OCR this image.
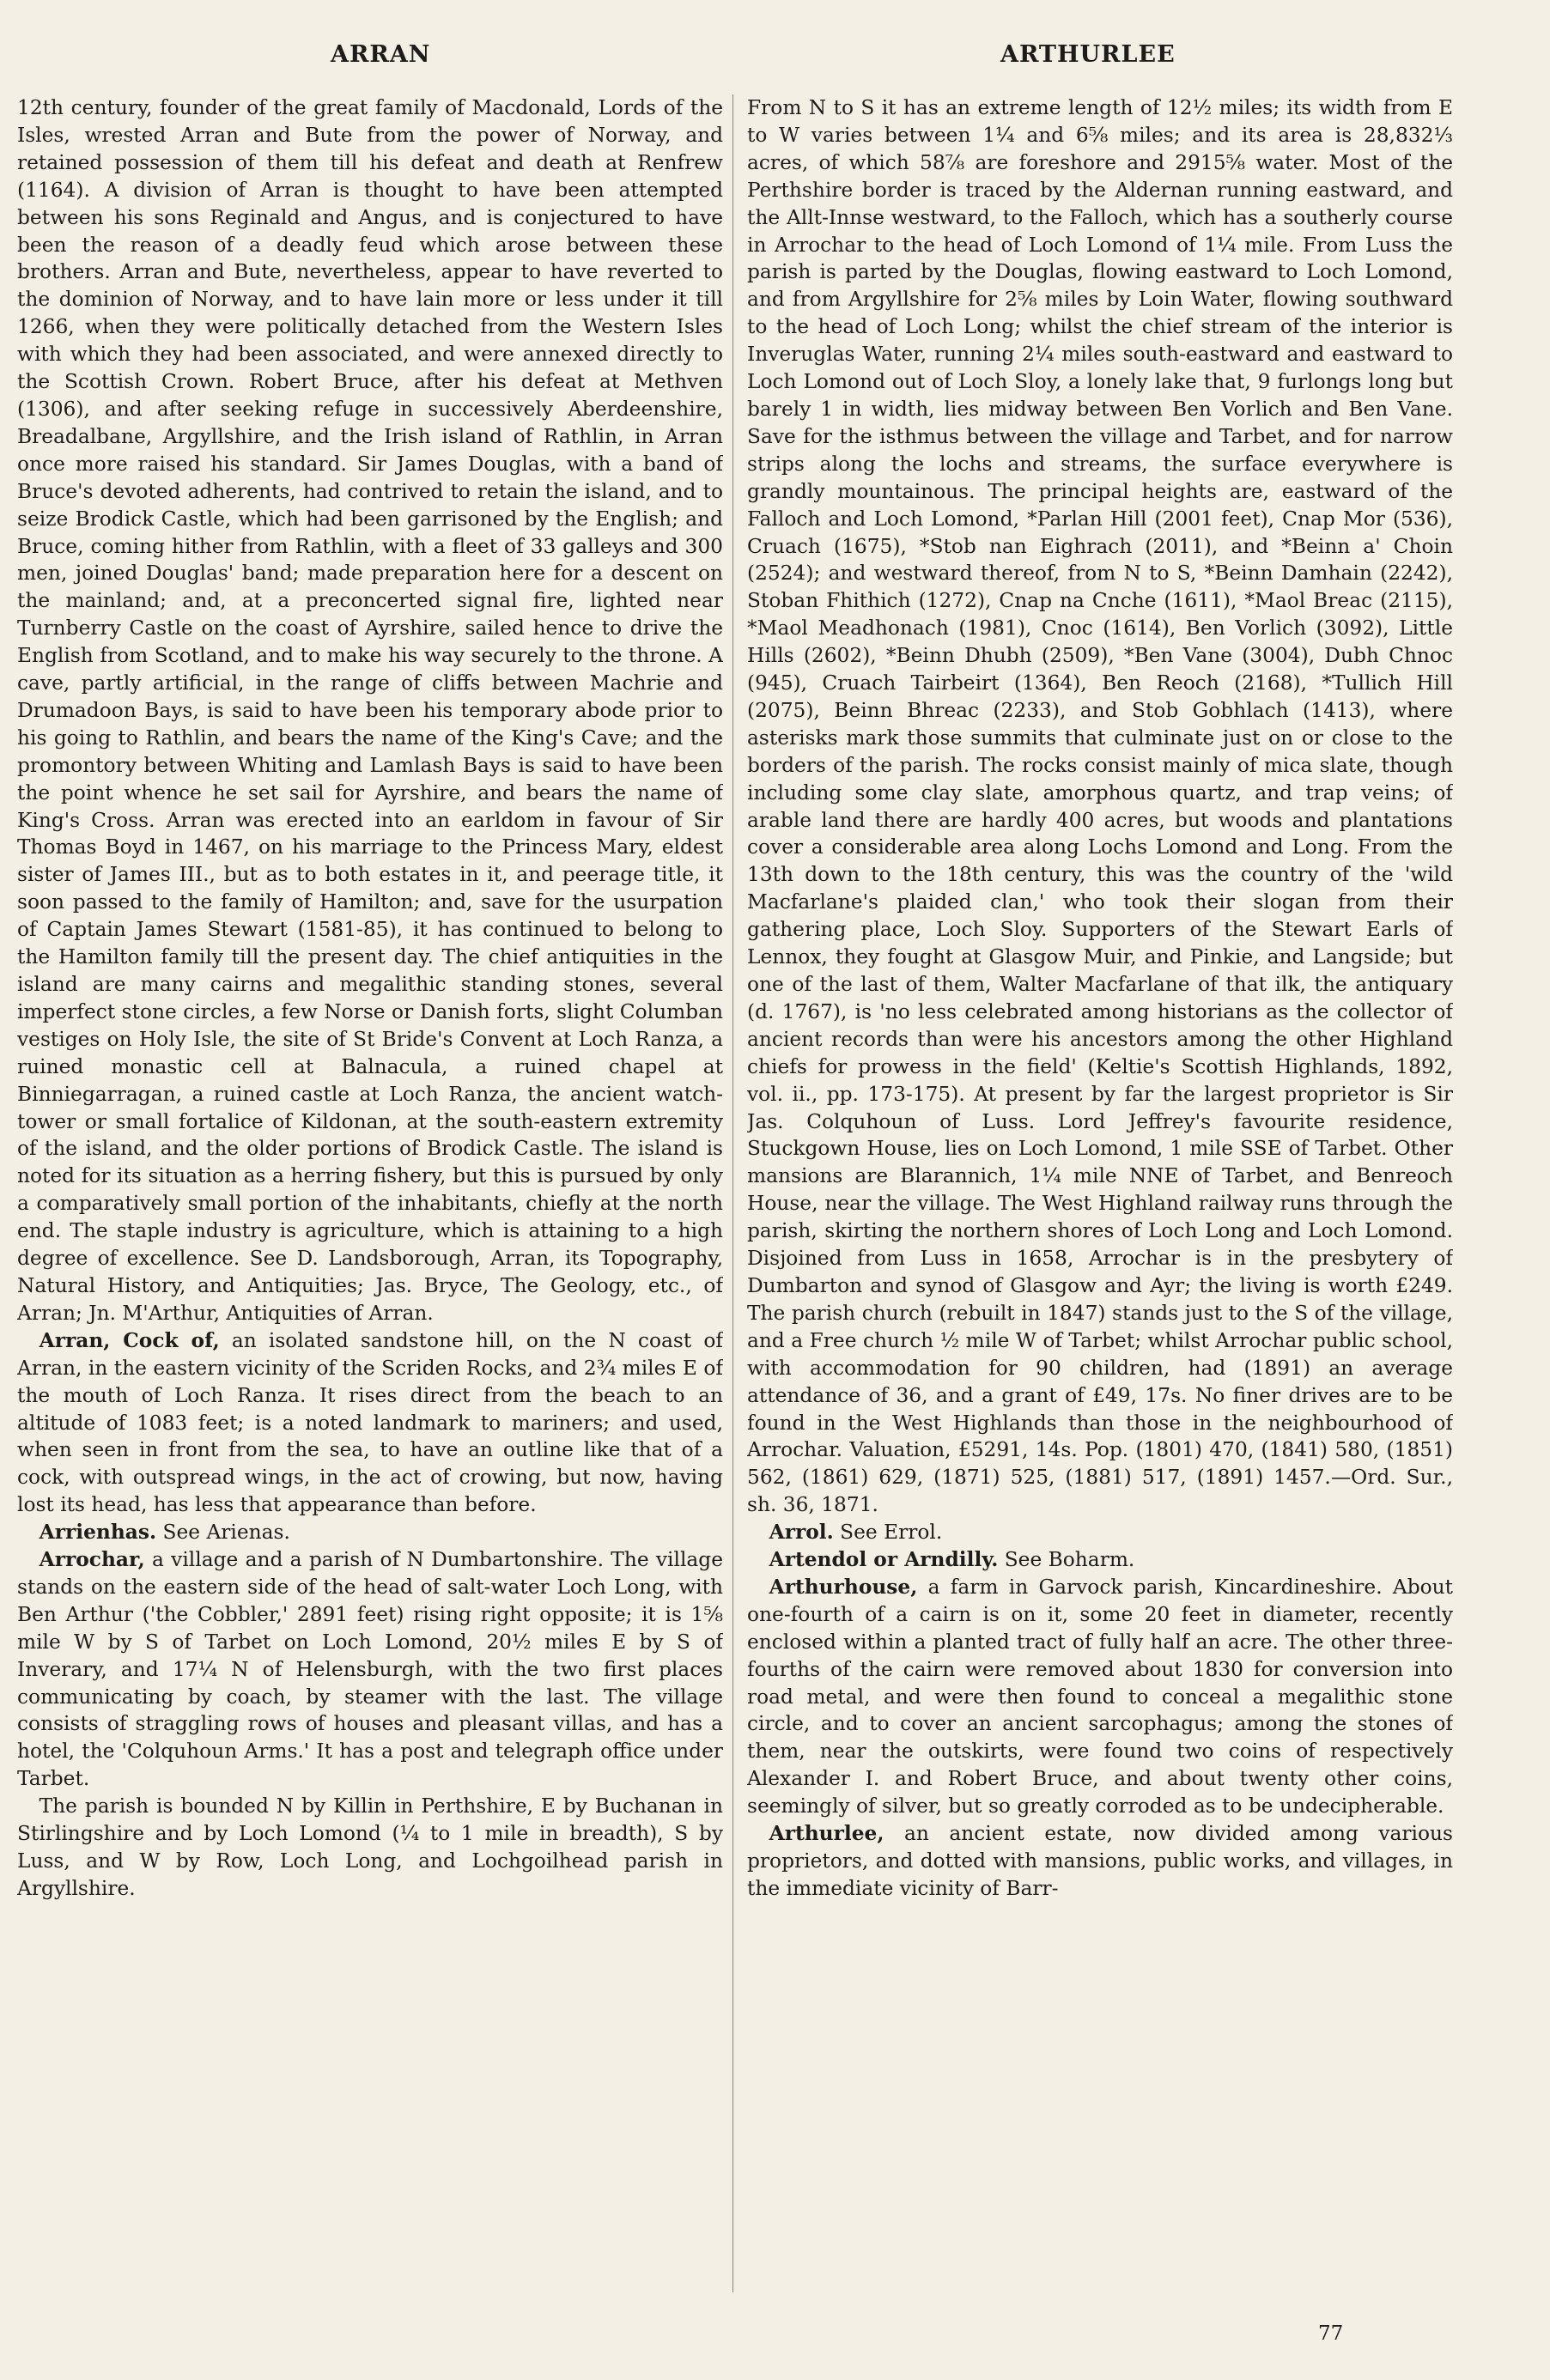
ARRAN	ARTHURLEE

12th century, founder of the great family of Macdonald, Lords of the Isles, wrested Arran and Bute from the power of Norway, and retained possession of them till his defeat and death at Renfrew (1164). A division of Arran is thought to have been attempted between his sons Reginald and Angus, and is conjectured to have been the reason of a deadly feud which arose between these brothers. Arran and Bute, nevertheless, appear to have reverted to the dominion of Norway, and to have lain more or less under it till 1266, when they were politically detached from the Western Isles with which they had been associated, and were annexed directly to the Scottish Crown. Robert Bruce, after his defeat at Methven (1306), and after seeking refuge in successively Aberdeenshire, Breadalbane, Argyllshire, and the Irish island of Rathlin, in Arran once more raised his standard. Sir James Douglas, with a band of Bruce's devoted adherents, had contrived to retain the island, and to seize Brodick Castle, which had been garrisoned by the English; and Bruce, coming hither from Rathlin, with a fleet of 33 galleys and 300 men, joined Douglas' band; made preparation here for a descent on the mainland; and, at a preconcerted signal fire, lighted near Turnberry Castle on the coast of Ayrshire, sailed hence to drive the English from Scotland, and to make his way securely to the throne. A cave, partly artificial, in the range of cliffs between Machrie and Drumadoon Bays, is said to have been his temporary abode prior to his going to Rathlin, and bears the name of the King's Cave; and the promontory between Whiting and Lamlash Bays is said to have been the point whence he set sail for Ayrshire, and bears the name of King's Cross. Arran was erected into an earldom in favour of Sir Thomas Boyd in 1467, on his marriage to the Princess Mary, eldest sister of James III., but as to both estates in it, and peerage title, it soon passed to the family of Hamilton; and, save for the usurpation of Captain James Stewart (1581-85), it has continued to belong to the Hamilton family till the present day. The chief antiquities in the island are many cairns and megalithic standing stones, several imperfect stone circles, a few Norse or Danish forts, slight Columban vestiges on Holy Isle, the site of St Bride's Convent at Loch Ranza, a ruined monastic cell at Balnacula, a ruined chapel at Binniegarragan, a ruined castle at Loch Ranza, the ancient watch-tower or small fortalice of Kildonan, at the south-eastern extremity of the island, and the older portions of Brodick Castle. The island is noted for its situation as a herring fishery, but this is pursued by only a comparatively small portion of the inhabitants, chiefly at the north end. The staple industry is agriculture, which is attaining to a high degree of excellence. See D. Landsborough, Arran, its Topography, Natural History, and Antiquities; Jas. Bryce, The Geology, etc., of Arran; Jn. M'Arthur, Antiquities of Arran.

Arran, Cock of, an isolated sandstone hill, on the N coast of Arran, in the eastern vicinity of the Scriden Rocks, and 2¾ miles E of the mouth of Loch Ranza. It rises direct from the beach to an altitude of 1083 feet; is a noted landmark to mariners; and used, when seen in front from the sea, to have an outline like that of a cock, with outspread wings, in the act of crowing, but now, having lost its head, has less that appearance than before.

Arrienhas. See Arienas.

Arrochar, a village and a parish of N Dumbartonshire. The village stands on the eastern side of the head of salt-water Loch Long, with Ben Arthur ('the Cobbler,' 2891 feet) rising right opposite; it is 1⅝ mile W by S of Tarbet on Loch Lomond, 20½ miles E by S of Inverary, and 17¼ N of Helensburgh, with the two first places communicating by coach, by steamer with the last. The village consists of straggling rows of houses and pleasant villas, and has a hotel, the 'Colquhoun Arms.' It has a post and telegraph office under Tarbet.

The parish is bounded N by Killin in Perthshire, E by Buchanan in Stirlingshire and by Loch Lomond (¼ to 1 mile in breadth), S by Luss, and W by Row, Loch Long, and Lochgoilhead parish in Argyllshire.

From N to S it has an extreme length of 12½ miles; its width from E to W varies between 1¼ and 6⅝ miles; and its area is 28,832⅓ acres, of which 58⅞ are foreshore and 2915⅝ water. Most of the Perthshire border is traced by the Aldernan running eastward, and the Allt-Innse westward, to the Falloch, which has a southerly course in Arrochar to the head of Loch Lomond of 1¼ mile. From Luss the parish is parted by the Douglas, flowing eastward to Loch Lomond, and from Argyllshire for 2⅝ miles by Loin Water, flowing southward to the head of Loch Long; whilst the chief stream of the interior is Inveruglas Water, running 2¼ miles south-eastward and eastward to Loch Lomond out of Loch Sloy, a lonely lake that, 9 furlongs long but barely 1 in width, lies midway between Ben Vorlich and Ben Vane. Save for the isthmus between the village and Tarbet, and for narrow strips along the lochs and streams, the surface everywhere is grandly mountainous. The principal heights are, eastward of the Falloch and Loch Lomond, *Parlan Hill (2001 feet), Cnap Mor (536), Cruach (1675), *Stob nan Eighrach (2011), and *Beinn a' Choin (2524); and westward thereof, from N to S, *Beinn Damhain (2242), Stoban Fhithich (1272), Cnap na Cnche (1611), *Maol Breac (2115), *Maol Meadhonach (1981), Cnoc (1614), Ben Vorlich (3092), Little Hills (2602), *Beinn Dhubh (2509), *Ben Vane (3004), Dubh Chnoc (945), Cruach Tairbeirt (1364), Ben Reoch (2168), *Tullich Hill (2075), Beinn Bhreac (2233), and Stob Gobhlach (1413), where asterisks mark those summits that culminate just on or close to the borders of the parish. The rocks consist mainly of mica slate, though including some clay slate, amorphous quartz, and trap veins; of arable land there are hardly 400 acres, but woods and plantations cover a considerable area along Lochs Lomond and Long. From the 13th down to the 18th century, this was the country of the 'wild Macfarlane's plaided clan,' who took their slogan from their gathering place, Loch Sloy. Supporters of the Stewart Earls of Lennox, they fought at Glasgow Muir, and Pinkie, and Langside; but one of the last of them, Walter Macfarlane of that ilk, the antiquary (d. 1767), is 'no less celebrated among historians as the collector of ancient records than were his ancestors among the other Highland chiefs for prowess in the field' (Keltie's Scottish Highlands, 1892, vol. ii., pp. 173-175). At present by far the largest proprietor is Sir Jas. Colquhoun of Luss. Lord Jeffrey's favourite residence, Stuckgown House, lies on Loch Lomond, 1 mile SSE of Tarbet. Other mansions are Blarannich, 1¼ mile NNE of Tarbet, and Benreoch House, near the village. The West Highland railway runs through the parish, skirting the northern shores of Loch Long and Loch Lomond. Disjoined from Luss in 1658, Arrochar is in the presbytery of Dumbarton and synod of Glasgow and Ayr; the living is worth £249. The parish church (rebuilt in 1847) stands just to the S of the village, and a Free church ½ mile W of Tarbet; whilst Arrochar public school, with accommodation for 90 children, had (1891) an average attendance of 36, and a grant of £49, 17s. No finer drives are to be found in the West Highlands than those in the neighbourhood of Arrochar. Valuation, £5291, 14s. Pop. (1801) 470, (1841) 580, (1851) 562, (1861) 629, (1871) 525, (1881) 517, (1891) 1457.—Ord. Sur., sh. 36, 1871.

Arrol. See Errol.

Artendol or Arndilly. See Boharm.

Arthurhouse, a farm in Garvock parish, Kincardineshire. About one-fourth of a cairn is on it, some 20 feet in diameter, recently enclosed within a planted tract of fully half an acre. The other three-fourths of the cairn were removed about 1830 for conversion into road metal, and were then found to conceal a megalithic stone circle, and to cover an ancient sarcophagus; among the stones of them, near the outskirts, were found two coins of respectively Alexander I. and Robert Bruce, and about twenty other coins, seemingly of silver, but so greatly corroded as to be undecipherable.

Arthurlee, an ancient estate, now divided among various proprietors, and dotted with mansions, public works, and villages, in the immediate vicinity of Barr-

77
